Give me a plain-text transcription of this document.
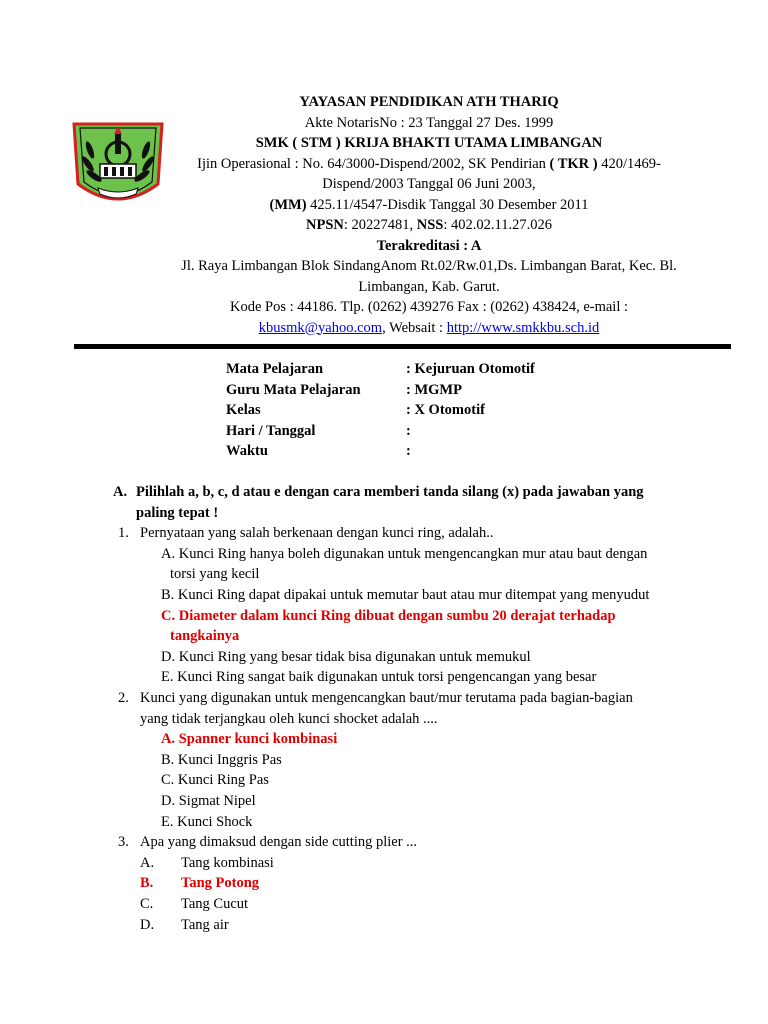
YAYASAN PENDIDIKAN ATH THARIQ
Akte NotarisNo : 23 Tanggal 27 Des. 1999
SMK ( STM ) KRIJA BHAKTI UTAMA LIMBANGAN
Ijin Operasional : No. 64/3000-Dispend/2002, SK Pendirian ( TKR ) 420/1469-Dispend/2003 Tanggal 06 Juni 2003,
(MM) 425.11/4547-Disdik Tanggal 30 Desember 2011
NPSN: 20227481, NSS: 402.02.11.27.026
Terakreditasi : A
Jl. Raya Limbangan Blok SindangAnom Rt.02/Rw.01,Ds. Limbangan Barat, Kec. Bl. Limbangan, Kab. Garut.
Kode Pos : 44186. Tlp. (0262) 439276 Fax : (0262) 438424, e-mail :
kbusmk@yahoo.com, Websait : http://www.smkkbu.sch.id
Mata Pelajaran	: Kejuruan Otomotif
Guru Mata Pelajaran	: MGMP
Kelas	: X Otomotif
Hari / Tanggal	:
Waktu	:
A. Pilihlah a, b, c, d atau e dengan cara memberi tanda silang (x) pada jawaban yang
paling tepat !
1. Pernyataan yang salah berkenaan dengan kunci ring, adalah..
A. Kunci Ring hanya boleh digunakan untuk mengencangkan mur atau baut dengan
torsi yang kecil
B. Kunci Ring dapat dipakai untuk memutar baut atau mur ditempat yang menyudut
C. Diameter dalam kunci Ring dibuat dengan sumbu 20 derajat terhadap
tangkainya
D. Kunci Ring yang besar tidak bisa digunakan untuk memukul
E. Kunci Ring sangat baik digunakan untuk torsi pengencangan yang besar
2. Kunci yang digunakan untuk mengencangkan baut/mur terutama pada bagian-bagian
yang tidak terjangkau oleh kunci shocket adalah ....
A. Spanner kunci kombinasi
B. Kunci Inggris Pas
C. Kunci Ring Pas
D. Sigmat Nipel
E. Kunci Shock
3. Apa yang dimaksud dengan side cutting plier ...
A. Tang kombinasi
B. Tang Potong
C. Tang Cucut
D. Tang air
